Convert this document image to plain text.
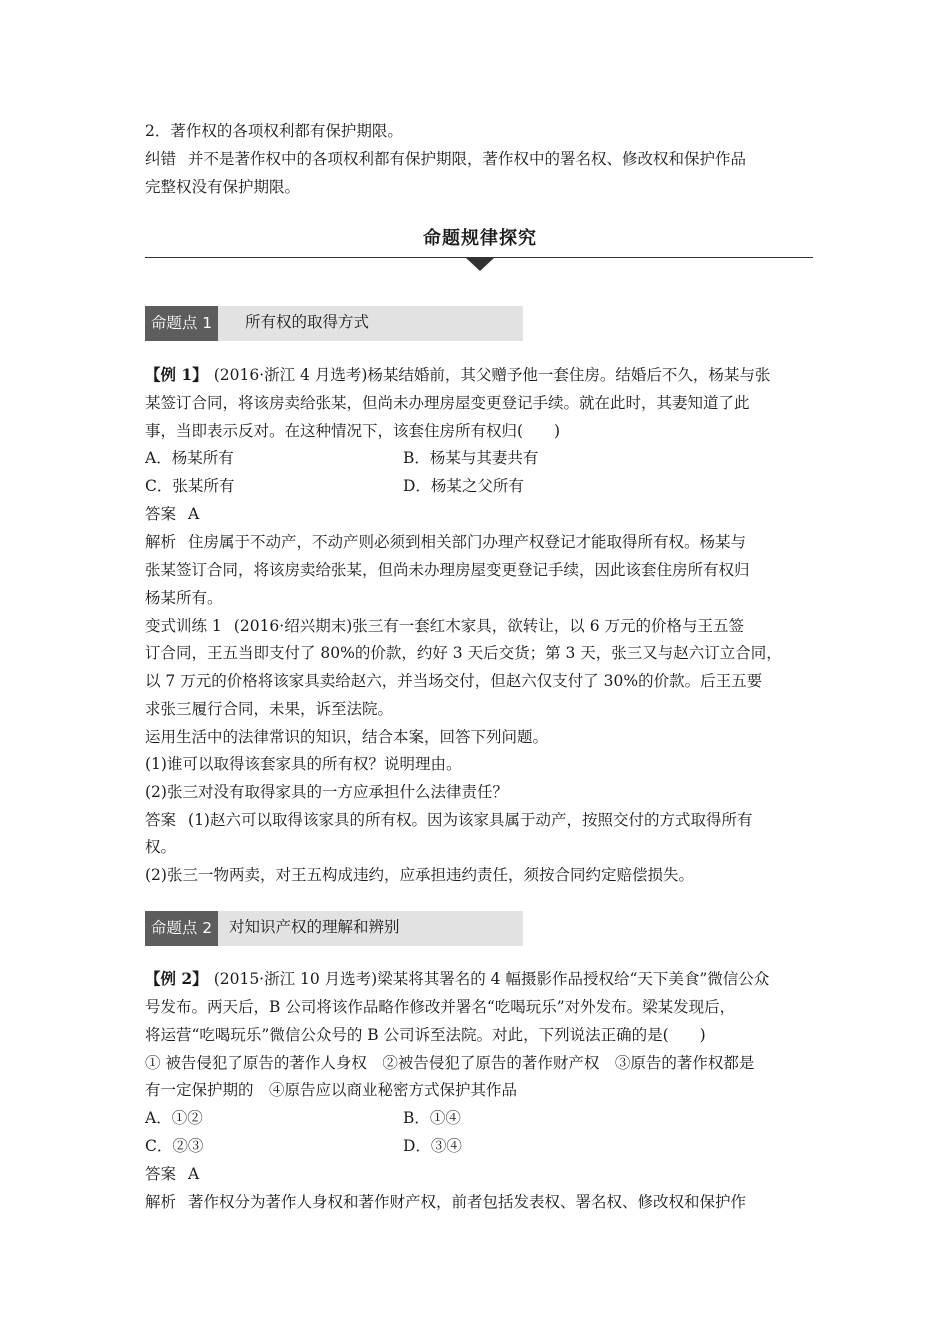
2．著作权的各项权利都有保护期限。
纠错 并不是著作权中的各项权利都有保护期限，著作权中的署名权、修改权和保护作品
完整权没有保护期限。
命题规律探究
命题点 1	所有权的取得方式
【例 1】 (2016·浙江 4 月选考)杨某结婚前，其父赠予他一套住房。结婚后不久，杨某与张
某签订合同，将该房卖给张某，但尚未办理房屋变更登记手续。就在此时，其妻知道了此
事，当即表示反对。在这种情况下，该套住房所有权归(　　)
A．杨某所有	B．杨某与其妻共有
C．张某所有	D．杨某之父所有
答案 A
解析 住房属于不动产，不动产则必须到相关部门办理产权登记才能取得所有权。杨某与
张某签订合同，将该房卖给张某，但尚未办理房屋变更登记手续，因此该套住房所有权归
杨某所有。
变式训练 1 (2016·绍兴期末)张三有一套红木家具，欲转让，以 6 万元的价格与王五签
订合同，王五当即支付了 80%的价款，约好 3 天后交货；第 3 天，张三又与赵六订立合同，
以 7 万元的价格将该家具卖给赵六，并当场交付，但赵六仅支付了 30%的价款。后王五要
求张三履行合同，未果，诉至法院。
运用生活中的法律常识的知识，结合本案，回答下列问题。
(1)谁可以取得该套家具的所有权？说明理由。
(2)张三对没有取得家具的一方应承担什么法律责任？
答案 (1)赵六可以取得该家具的所有权。因为该家具属于动产，按照交付的方式取得所有
权。
(2)张三一物两卖，对王五构成违约，应承担违约责任，须按合同约定赔偿损失。
命题点 2	对知识产权的理解和辨别
【例 2】 (2015·浙江 10 月选考)梁某将其署名的 4 幅摄影作品授权给“天下美食”微信公众
号发布。两天后，B 公司将该作品略作修改并署名“吃喝玩乐”对外发布。梁某发现后，
将运营“吃喝玩乐”微信公众号的 B 公司诉至法院。对此，下列说法正确的是(　　)
① 被告侵犯了原告的著作人身权　②被告侵犯了原告的著作财产权　③原告的著作权都是
有一定保护期的　④原告应以商业秘密方式保护其作品
A．①②	B．①④
C．②③	D．③④
答案 A
解析 著作权分为著作人身权和著作财产权，前者包括发表权、署名权、修改权和保护作
